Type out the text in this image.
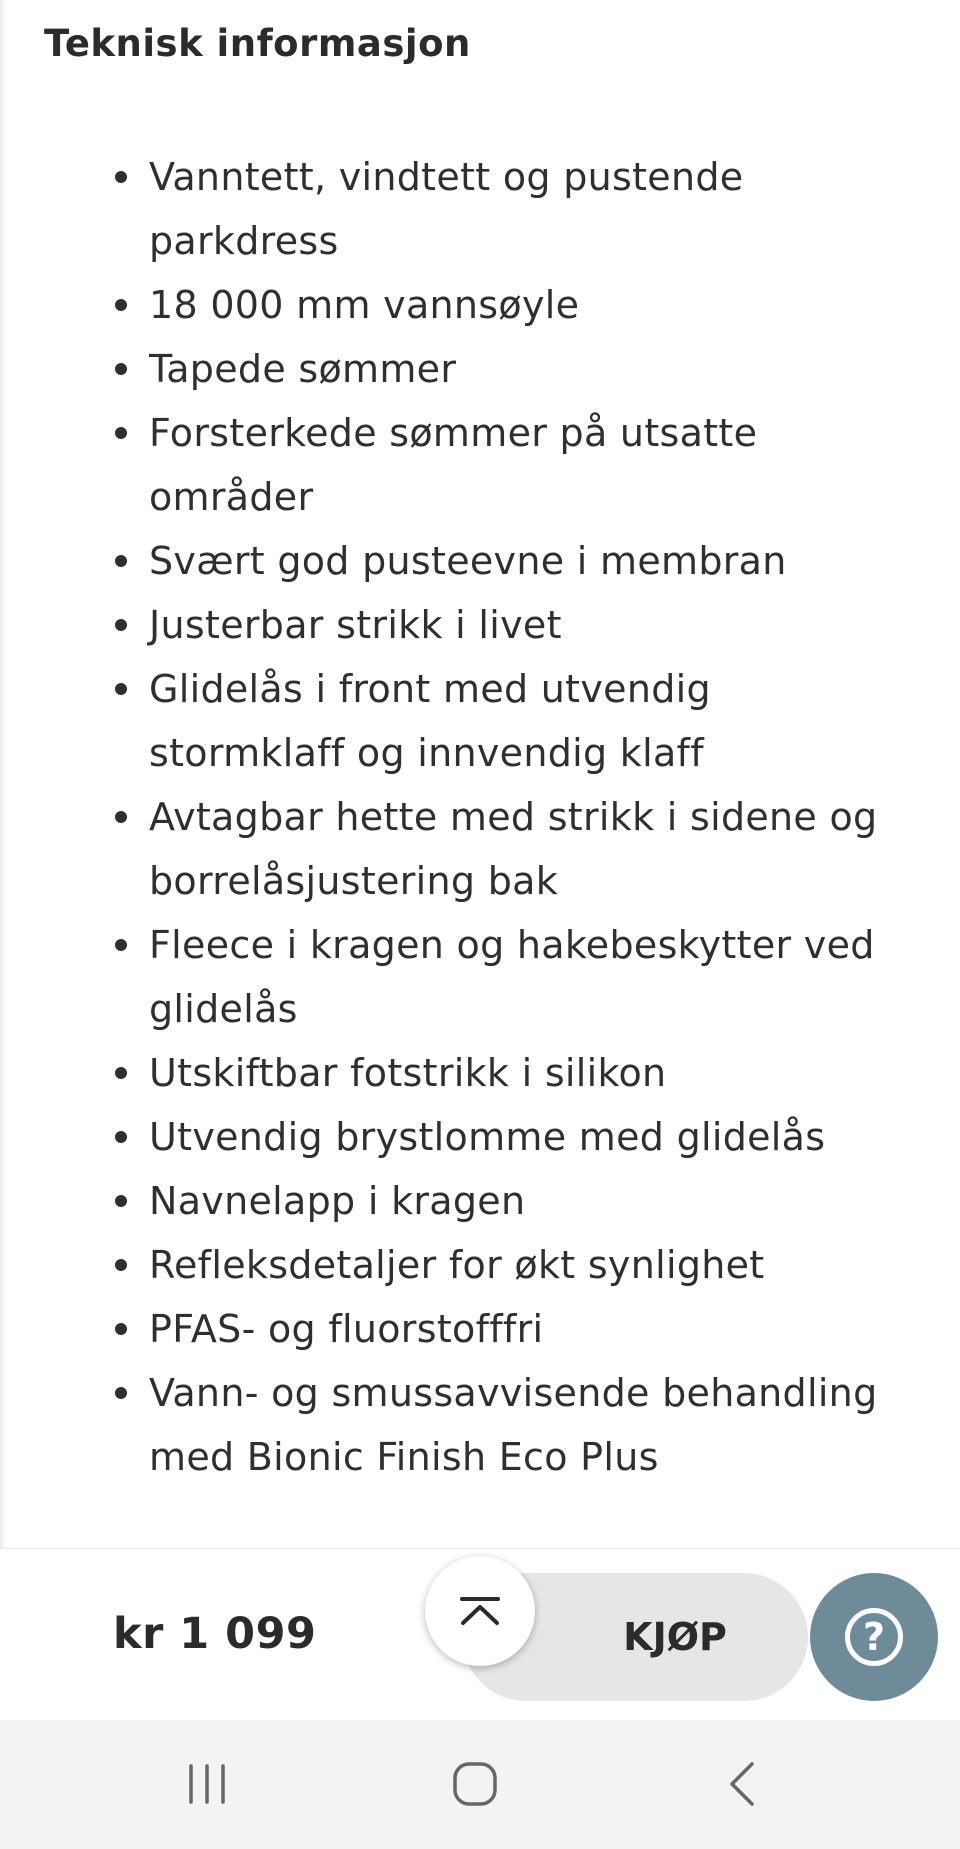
Teknisk informasjon
Vanntett, vindtett og pustende parkdress
18 000 mm vannsøyle
Tapede sømmer
Forsterkede sømmer på utsatte områder
Svært god pusteevne i membran
Justerbar strikk i livet
Glidelås i front med utvendig stormklaff og innvendig klaff
Avtagbar hette med strikk i sidene og borrelåsjustering bak
Fleece i kragen og hakebeskytter ved glidelås
Utskiftbar fotstrikk i silikon
Utvendig brystlomme med glidelås
Navnelapp i kragen
Refleksdetaljer for økt synlighet
PFAS- og fluorstofffri
Vann- og smussavvisende behandling med Bionic Finish Eco Plus
kr 1 099	KJØP	?
